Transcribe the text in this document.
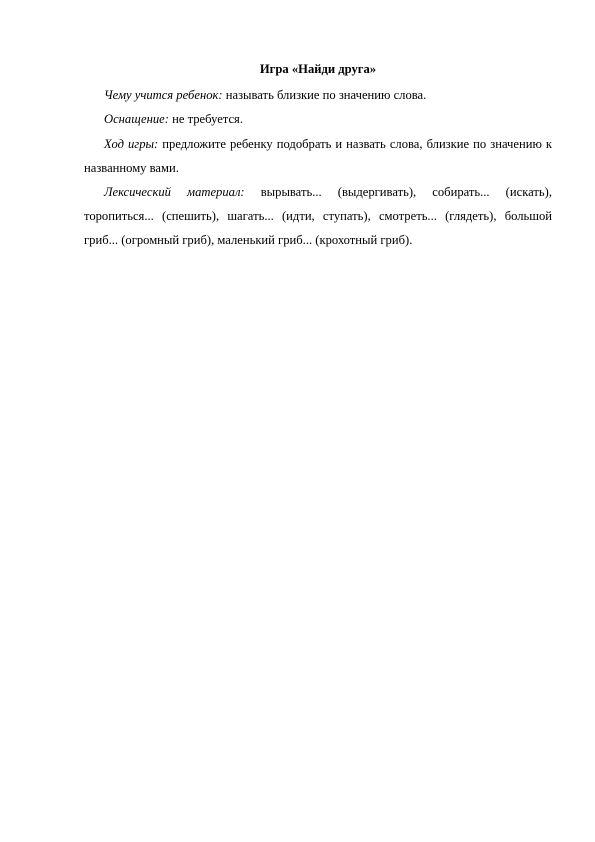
Игра «Найди друга»

Чему учится ребенок: называть близкие по значению слова.

Оснащение: не требуется.

Ход игры: предложите ребенку подобрать и назвать слова, близкие по значению к названному вами.

Лексический материал: вырывать... (выдергивать), собирать... (искать), торопиться... (спешить), шагать... (идти, ступать), смотреть... (глядеть), большой гриб... (огромный гриб), маленький гриб... (крохотный гриб).
